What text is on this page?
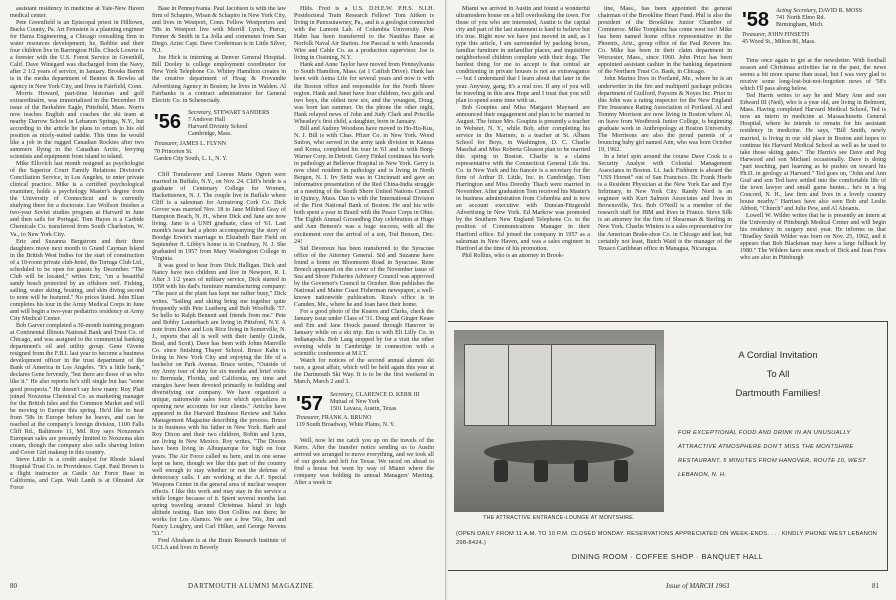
assistant residency in medicine at Yale-New Haven medical center.

Pete Greenfield is an Episcopal priest in Hilltown, Bucks County, Pa. Art Feinstein is a planning engineer for Harza Engineering, a Chicago consulting firm in water resources development; he, Bobbie and their four children live in Barrington Hills. Chuck Lowrie is a forester with the U.S. Forest Service in Greenhill, Calif. Dave Winegard was discharged from the Navy, after 2 1/2 years of service, in January. Brooks Barrett is in the media department of Benton & Bowles ad agency in New York City, and lives in Fairfield, Conn.

Morris Howard, part-time historian and golf extraordinaire, was immortalized in the December 19 issue of the Berkshire Eagle, Pittsfield, Mass. Norris now teaches English and coaches the ski team at nearby Darrow School in Lebanon Springs, N.Y., but according to the article he plans to return to his old position as nicely-suited caddie. This time he would like a job in the rugged Canadian Rockies after two summers flying in the Canadian Arctic, ferrying scientists and equipment from island to island.

Mike Ellovich last month resigned as psychologist of the Superior Court Family Relations Division's Conciliation Service, in Los Angeles, to enter private clinical practice. Mike is a certified psychological examiner, holds a psychology Master's degree from the University of Connecticut and is currently studying there for a doctorate. Lee Wolfson finishes a two-year Soviet studies program at Harvard in June and then sails for Portugal. Tom Hayes is a Carbide Chemicals Co. transferred from South Charleston, W. Va., to New York City.

Eric and Suzanna Bergstrom and their three daughters move next month to Grand Cayman Island in the British West Indies for the start of construction of a 10-room private club-hotel, the Tortuga Club Ltd., scheduled to be open for guests by December. "The Club will be located," writes Eric, "on a beautiful sandy beach protected by an offshore reef. Fishing, sailing, water skiing, boating, and skin diving second to none will be featured." No prices listed. John Elian completes his tour in the Army Medical Corps in June and will begin a two-year pediatrics residency at Army City Medical Center.

Bob Garver completed a 30-month training program at Continental Illinois National Bank and Trust Co. of Chicago, and was assigned to the commercial banking department's oil and utility group. Gene Givens resigned from the F.B.I. last year to become a business development officer in the trust department of the Bank of America in Los Angeles. "It's a little bank," declares Gene fervently, "but there are those of us who like it." He also reports he's still single but has "some good prospects." He doesn't say how many. Roy Platt joined Noxzema Chemical Co. as marketing manager for the British Isles and the Common Market and will be moving to Europe this spring. He'd like to hear from '58s in Europe before he leaves, and can be reached at the company's foreign division, 1100 Falls Cliff Rd., Baltimore 11, Md. Roy says Noxzema's European sales are presently limited to Noxzema skin cream, though the company also sells shaving lotion and Cover Girl makeup in this country.

Steve Little is a credit analyst for Rhode Island Hospital Trust Co. in Providence. Capt. Paul Brown is a flight instructor at Castle Air Force Base in California, and Capt. Walt Lamb is at Olmsted Air Force

Base in Pennsylvania. Paul Jacobson is with the law firm of Schapiro, Wisan & Schapiro in New York City, and lives in Westport, Conn. Fellow Westporters and '58s in Westport live with Merrill Lynch, Pierce, Fenner & Smith in La Jolla and commutes from San Diego. Aztec Capt. Dave Corderman is in Little Silver, N.J.

Joe Hick is interning at Denver General Hospital. Bill Dooley is college employment coordinator for New York Telephone Co. Whitey Hamilton creates in the creative department of Hoag & Provandie Advertising Agency in Boston; he lives in Walden. Al Fairbanks is a contract administrator for General Electric Co. in Schenectady.

'56 Secretary, STEWART SANDERS
7 Andover Hall
Harvard Divinity School
Cambridge, Mass.
Treasurer, JAMES L. FLYNN
70 Princeton St.
Garden City South, L. I., N. Y.

Cliff Tomshower and Lorene Marie Ogren were married in Buffalo, N.Y., on Nov. 24. Cliff's bride is a graduate of Centenary College for Women, Hackettstown, N. J. The couple live in Buffalo where Cliff is a salesman for Armstrong Cork Co. Dick Grover was married Nov. 18 to Jane Mildred Gray of Hampton Beach, N. H., where Dick and Jane are now living. Jane is a UNH graduate, class of '61. Last month's issue had a photo accompanying the story of Boodge Erwin's marriage to Elizabeth Barr Field on September 8. Libby's home is in Cranbury, N. J. She graduated in 1957 from Mary Washington College in Virginia.

It was good to hear from Dick Halligan. Dick and Nancy have two children and live in Newport, R. I. After 3 1/2 years of military service, Dick started in 1958 with his dad's furniture manufacturing company: "The pace at the plant has kept me rather busy," Dick writes. "Sailing and skiing bring me together quite frequently with Pete Lustberg and Bob Woolfolk '57. So hello to Ralph Bennett and friends from me." Pete and Bobby Lauterbach are living in Pittsford, N.Y. A note from Dave and Lois Rice living in Somerville, N. J., reports that all is well with their family (Linda, Brad, and Scott). Dave has been with Johns Manville Co. since finishing Thayer School. Bruce Kahn is living in New York City and enjoying the life of a bachelor on Park Avenue. Bruce writes, "Outside of my Army tour of duty for six months and brief visits to Bermuda, Florida, and California, my time and energies have been devoted primarily to building and diversifying our company. We have organized a unique, nationwide sales force which specializes in opening new accounts for our clients." Articles have appeared in the Harvard Business Review and Sales Management Magazine describing the process. Bruce is in business with his father in New York. Barb and Roy Dixon and their two children, Robin and Lynn, are living in New Mexico. Roy writes, "The Dixons have been living in Albuquerque for high on four years. The Air Force called us here, and in one sense kept us here, though we like this part of the country well enough to stay whether or not the defense of democracy calls. I am working at the A.F. Special Weapons Center in the general area of nuclear weapon effects. I like this work and may stay in the service a while longer because of it. Spent several months last spring traveling around Christmas Island in high altitude testing. Ran into Don Collins out there; he works for Los Alamos. We see a few '56s, Jim and Nancy Loughry, and Carl Hilker, and George Nevens '53."

Fred Abraham is at the Brain Research Institute of UCLA and lives in Beverly

Hills. Fred is a U.S. D.H.E.W. P.H.S. N.I.H. Postdoctoral Train Research Fellow! Tom Aitken is living in Punxsutawney, Pa., and is a geologist connected with the Lamont Lab. of Columbia University. Pete Hahn has been transferred to the Nautilus Base at Norfolk Naval Air Station. Joe Pascual is with Anaconda Wire and Cable Co. as a production supervisor. Joe is living in Ossining, N.Y.

Hank and Anne Taylor have moved from Pennsylvania to South Hamilton, Mass. (at 1 Catfish Drive). Hank has been with Aetna Life for several years and now is with the Boston office and responsible for the North Shore region. Hank and Janet have four children, two girls and two boys, the oldest now six, and the youngest, Doug, was born last summer. On the phone the other night, Hank relayed news of John and Judy Clark and Priscilla Wheatley's first child, a daughter, born in January.

Bill and Audrey Woodson have moved to Ho-Ho-Kus, N. J. Bill is with Chas. Pfizer Co. in New York. Wood Sutton, who served in the army tank division in Kansas and Korea, completed his tour in '61 and is with Borg-Warner Corp. in Detroit. Gerry Finkel continues his work in pathology at Bellevue Hospital in New York. Gerry is now chief resident in pathology and is living in North Bergen, N. J. Irv Seitz was in Cincinnati and gave an informative presentation of the Red China-India struggle at a meeting of the South Shore United Nations Council in Quincy, Mass. Dan is with the International Division of the First National Bank of Boston. He and his wife both spent a year in Brazil with the Peace Corps in Ohio. The Eighth Annual Groundhog Day celebration at Hugo and Ann Benson's was a huge success, with all the excitement over the arrival of a son, Tod Benson, Dec. 24!

Sid Devereux has been transferred to the Syracuse office of the Attorney General. Sid and Suzanne have found a home on Bloomsom Road in Syracuse. Rene Breech appeared on the cover of the November issue of Sea and Shore Fisheries Advisory Council was approved by the Governor's Council in October. Ron publishes the National and Maine Coast Fisherman newspaper, a well-known nationwide publication. Russ's office is in Camden, Me., where he and Joan have their home.

For a good photo of the Keares and Clarks, check the January issue under Class of '31. Doug and Ginger Keare and Em and Jane Houck passed through Hanover in January while on a ski trip. Em is with Eli Lilly Co. in Indianapolis. Bob Lang stopped by for a visit the other evening while in Cambridge in connection with a scientific conference at M.I.T.

Watch for notices of the second annual alumni ski race, a great affair, which will be held again this year at the Dartmouth Ski Way. It is to be the first weekend in March, March 2 and 3.

'57 Secretary, CLARENCE D. KERR III
Mutual of New York
1501 Lavaca, Austin, Texas
Treasurer, FRANK A. BRUNO
119 South Broadway, White Plains, N. Y.

Well, now let me catch you up on the travels of the Kerrs. After the transfer notice sending us to Austin arrived we arranged to move everything, and we took all of our goods and left for Texas. We raced on ahead to find a house but went by way of Miami where the company was holding its annual Managers' Meeting. After a week in

80	DARTMOUTH ALUMNI MAGAZINE

Miami we arrived in Austin and found a wonderful ultramodern house on a hill overlooking the town. For those of you who are interested, Austin is the capital city and part of the last statement is hard to believe but it's true. Right now we have just moved in and, as I type this article, I am surrounded by packing boxes, familiar furniture in unfamiliar places, and inquisitive neighborhood children complete with their dogs. The hardest thing for me to accept is that central air conditioning in private houses is not an extravagance — but I understand that I learn about that later in the year. Anyway, gang, it's a real zoo. If any of you will be traveling in this area Hope and I trust that you will plan to spend some time with us.

Bob Goupins and Miss Margaret Maynard are announced their engagement and plan to be married in August. The future Mrs. Goupins is presently a teacher in Webster, N. Y., while Bob, after completing his service in the Marines, is a teacher at St. Albans School for Boys, in Washington, D. C. Charlie Maschal and Miss Roberta Gleason plan to be married this spring in Boston. Charlie is a claims representative with the Connecticut General Life Ins. Co. in New York and his fiancée is a secretary for the firm of Arthur D. Little, Inc. in Cambridge. Tom Harrington and Miss Dorothy Thach were married in November. After graduation Tom received his Master's in business administration from Columbia and is now an account executive with Duncan-Fitzgerald Advertising in New York. Ed Markow was promoted by the Southern New England Telephone Co. to the position of Communications Manager in their Hartford office. Ed joined the company in 1957 as a salesman in New Haven, and was a sales engineer in Hartford at the time of his promotion.

Phil Rollins, who is an attorney in Brook-

line, Mass., has been appointed the general chairman of the Brookline Heart Fund. Phil is also the president of the Brookline Junior Chamber of Commerce. Mike Tompkins has come west too! Mike has been named home office representative in the Phoenix, Ariz., group office of the Paul Revere Ins. Co. Mike has been in their claim department in Worcester, Mass., since 1960. John Price has been appointed assistant cashier in the banking department of the Northern Trust Co. Bank, in Chicago.

John Marino lives in Portland, Me., where he is an underwriter in the fire and multiperil package policies department of Guilford, Paysore & Noyes Inc. Prior to this John was a rating inspector for the New England Fire Insurance Rating Association of Portland. Al and Tommy Morrison are now living in Boston where Al, on leave from Westbrook Junior College, is beginning graduate work in Anthropology at Boston University. The Morrisons are also the proud parents of a bouncing baby girl named Ann, who was born October 19, 1962.

In a brief spin around the course Dave Cook is a Security Analyst with Colonial Management Associates in Boston. Lt. Jack Fishburn is aboard the "USS Hornet" out of San Francisco. Dr. Frank Hoefe is a Resident Physician at the New York Ear and Eye Infirmary, in New York City. Randy Nord is an engineer with Kurt Salmon Associates and lives in Brownsville, Tex. Bob O'Neill is a member of the research staff for IBM and lives in France. Steve Silk is an attorney for the firm of Shearman & Sterling in New York. Charlie Winters is a sales representative for the American Brake-shoe Co. in Chicago and last, but certainly not least, Butch Waid is the manager of the Texaco Caribbean office in Managua, Nicaragua.

'58 Acting Secretary, DAVID R. MOSS
741 North Elmo Rd.
Birmingham, Mich.
Treasurer, JOHN FINSETH
45 Wood St., Milton 86, Mass.

Time once again to get at the newsletter. With football season and Christmas activities far in the past, the news seems a bit more sparse than usual, but I was very glad to receive some long-lost-but-not-forgotten news of '58's which I'll pass along below.

Ted Harris writes to say he and Mary Ann and son Edward III (Ned), who is a year old, are living in Belmont, Mass. Having completed Harvard Medical School, Ted is now an intern in medicine at Massachusetts General Hospital, where he intends to remain for his assistant residency in medicine. He says, "Bill Smith, newly married, is living in our old place in Boston and hopes to continue his Harvard Medical School as well as he used to take those skiing gates." The Harris's see Dave and Peg Harwood and son Michael occasionally. Dave is doing "part teaching, part learning as he pushes on toward his Ph.D. in geology at Harvard." Ted goes on, "John and Ann Graf and son Ted have settled into the comfortable life of the town lawyer and small game hunter... he's in a big Concord, N. H., law firm and lives in a lovely country house nearby." Harrises have also seen Bob and Leslie Abbott, "Church" and Julie Pew, and Al Aboanis.

Lowell W. Wilder writes that he is presently an intern at the University of Pittsburgh Medical Center and will begin his residency in surgery next year. He informs us that "Bradley Smith Wilder was born on Nov. 25, 1962, and it appears that Bob Blackman may have a large fullback by 1980." The Wilders have seen much of Dick and Jean Fries who are also in Pittsburgh

THE ATTRACTIVE ENTRANCE-LOUNGE AT MONTSHIRE.
A Cordial Invitation
To All
Dartmouth Families!
FOR EXCEPTIONAL FOOD AND DRINK IN AN UNUSUALLY ATTRACTIVE ATMOSPHERE DON'T MISS THE MONTSHIRE RESTAURANT, 5 MINUTES FROM HANOVER, ROUTE 10, WEST LEBANON, N. H.
(OPEN DAILY FROM 11 A.M. TO 10 P.M. CLOSED MONDAY. RESERVATIONS APPRECIATED ON WEEK-ENDS. . . . KINDLY PHONE WEST LEBANON 298-8424.)
DINING ROOM · COFFEE SHOP · BANQUET HALL
Issue of MARCH 1963	81
